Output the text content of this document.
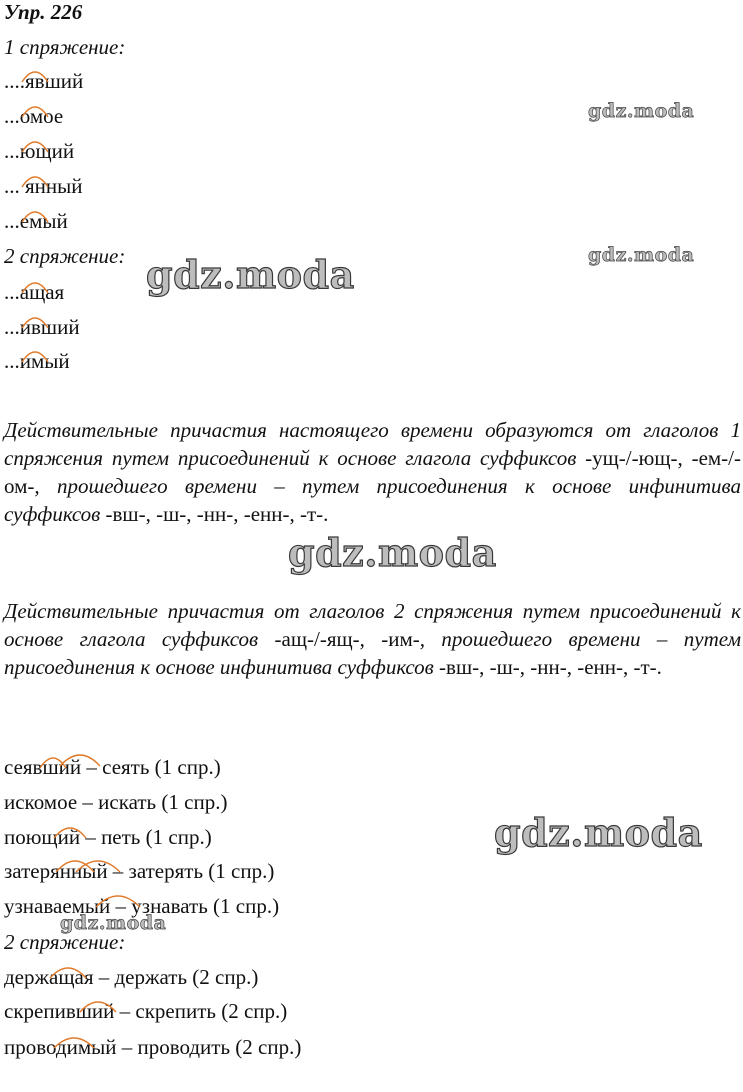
Упр. 226
1 спряжение:
....явший
...омое
...ющий
... янный
...емый
2 спряжение:
...ащая
...ивший
...имый
Действительные причастия настоящего времени образуются от глаголов 1 спряжения путем присоединений к основе глагола суффиксов -ущ-/-ющ-, -ем-/-ом-, прошедшего времени – путем присоединения к основе инфинитива суффиксов -вш-, -ш-, -нн-, -енн-, -т-.
Действительные причастия от глаголов 2 спряжения путем присоединений к основе глагола суффиксов -ащ-/-ящ-, -им-, прошедшего времени – путем присоединения к основе инфинитива суффиксов -вш-, -ш-, -нн-, -енн-, -т-.
сеявший – сеять (1 спр.)
искомое – искать (1 спр.)
поющий – петь (1 спр.)
затерянный – затерять (1 спр.)
узнаваемый – узнавать (1 спр.)
2 спряжение:
держащая – держать (2 спр.)
скрепивший – скрепить (2 спр.)
проводимый – проводить (2 спр.)
gdz.moda
gdz.moda
gdz.moda
gdz.moda
gdz.moda
gdz.moda
